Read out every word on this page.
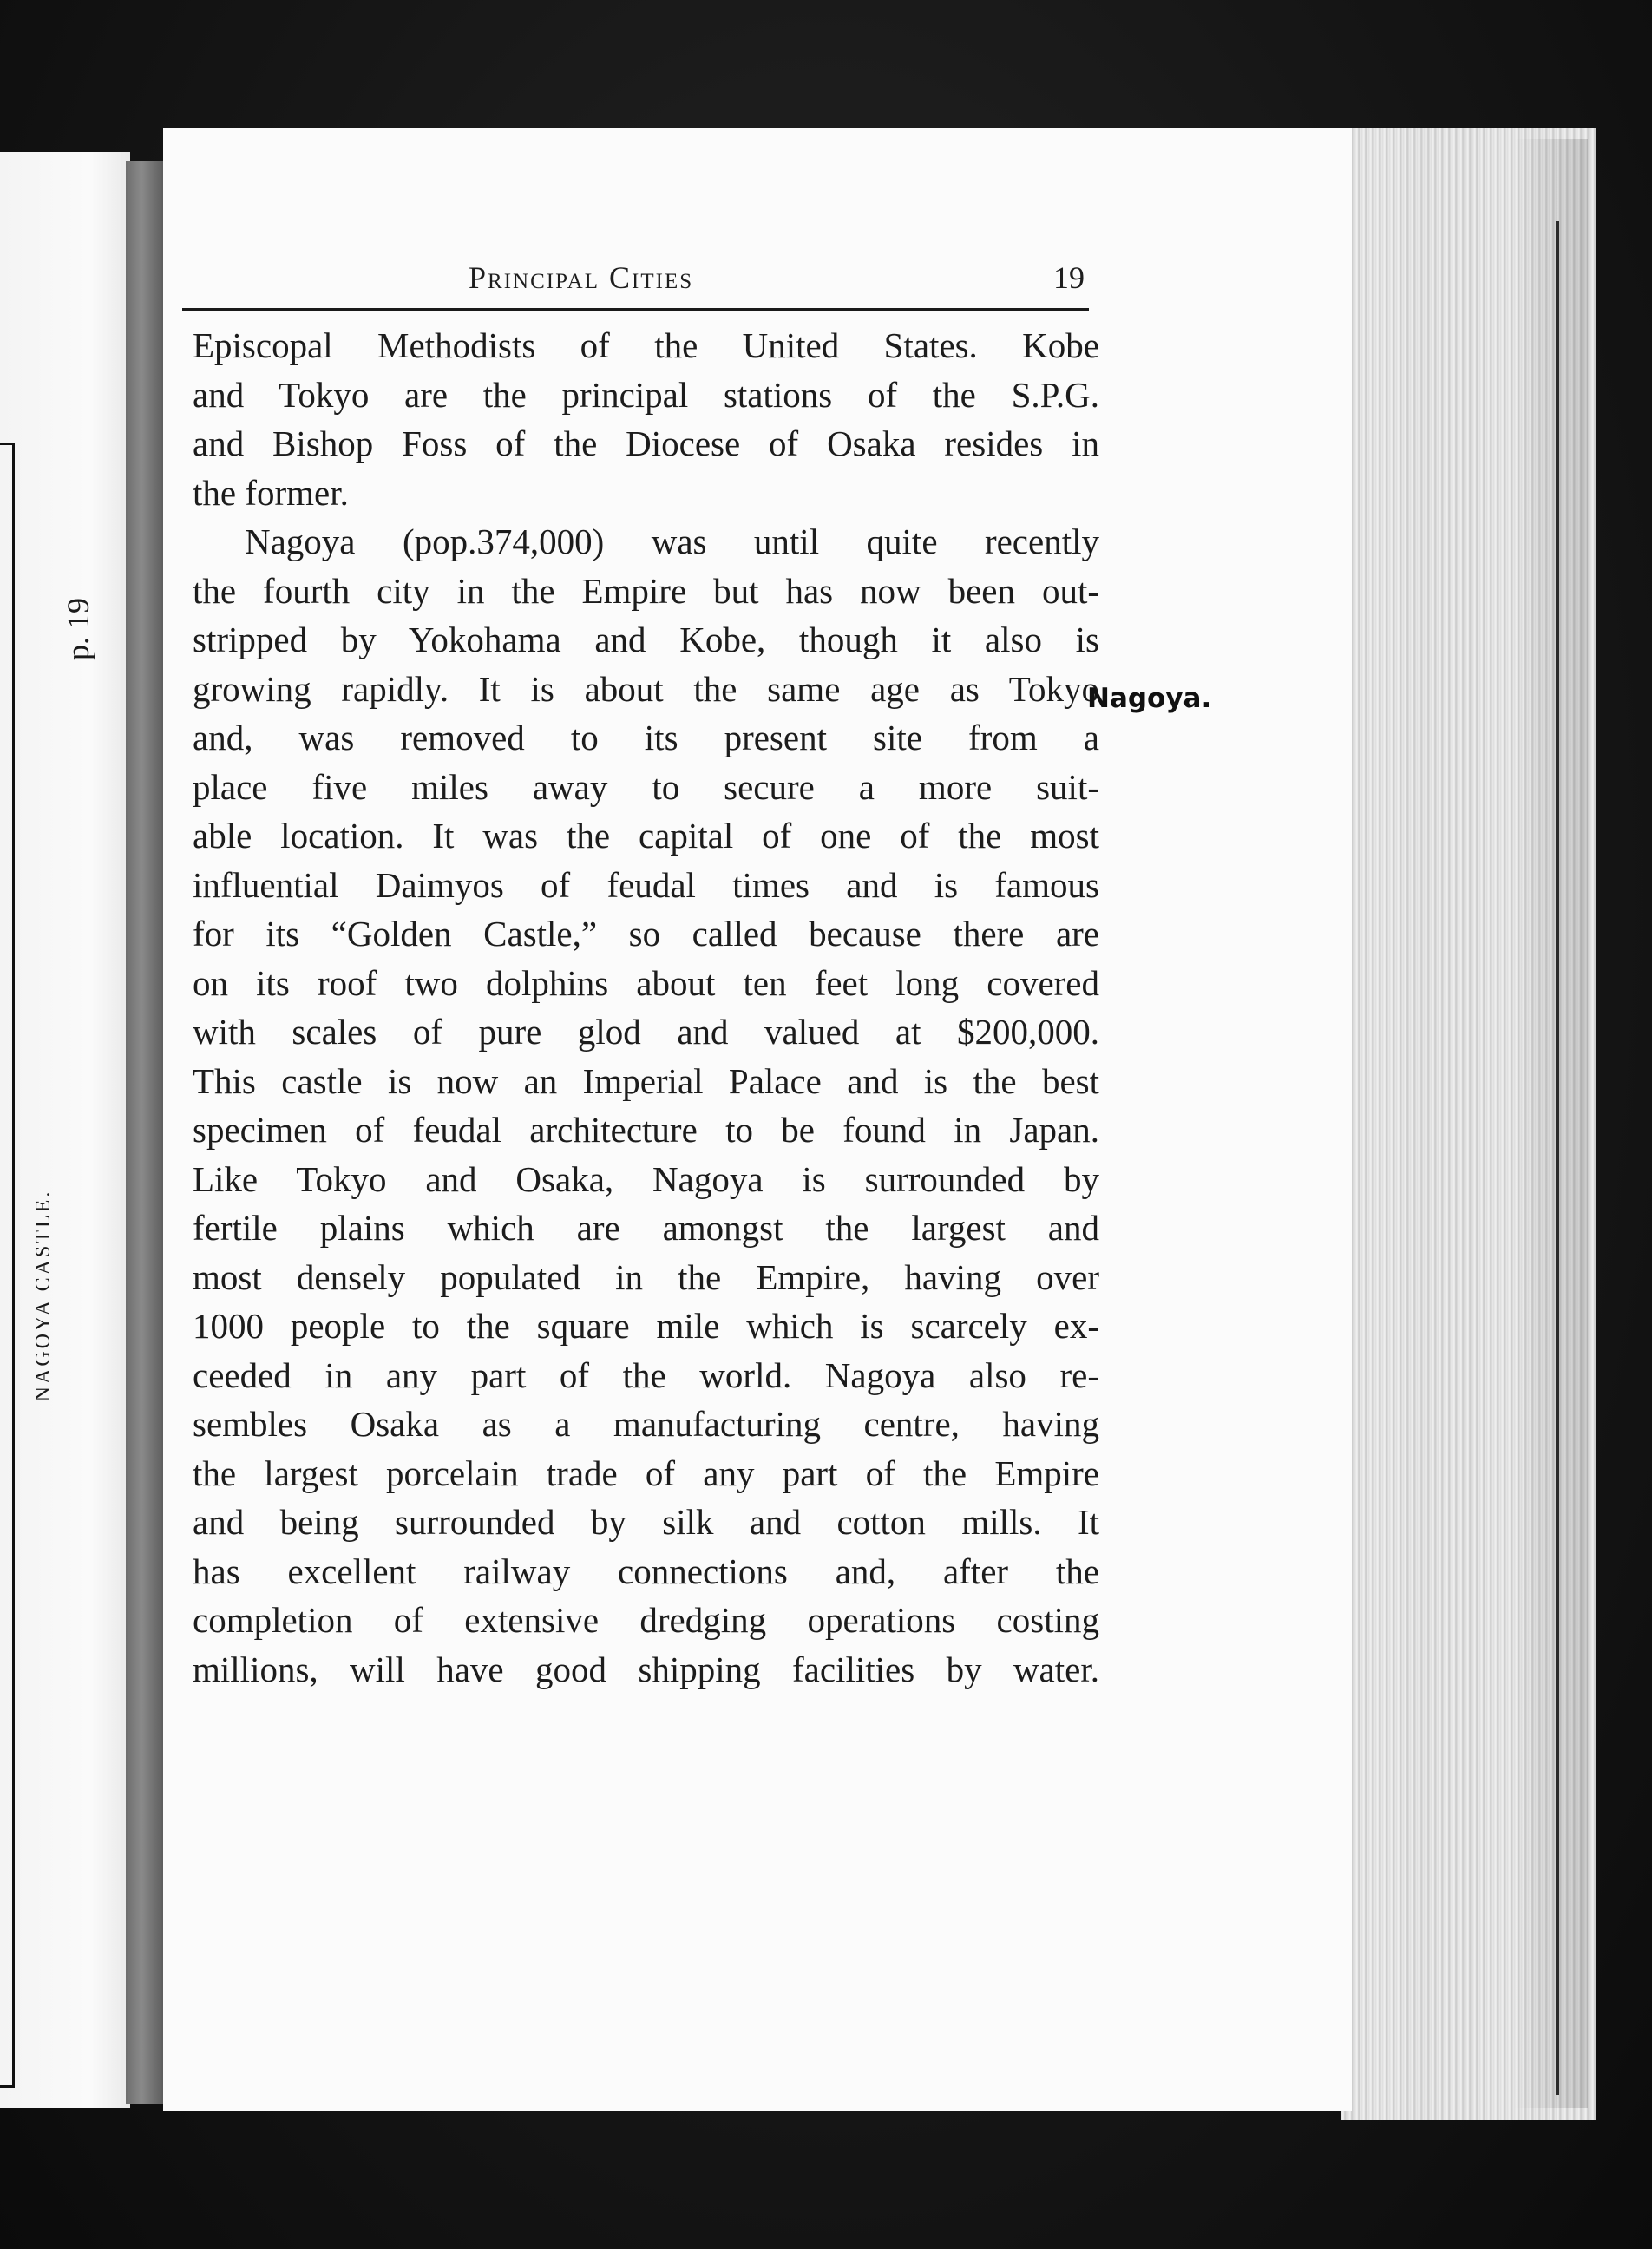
p. 19
NAGOYA CASTLE.
Principal Cities	19
Episcopal Methodists of the United States. Kobe
and Tokyo are the principal stations of the S.P.G.
and Bishop Foss of the Diocese of Osaka resides in
the former.
Nagoya (pop.374,000) was until quite recently
the fourth city in the Empire but has now been out-
stripped by Yokohama and Kobe, though it also is
growing rapidly. It is about the same age as Tokyo
and, was removed to its present site from a
place five miles away to secure a more suit-
able location. It was the capital of one of the most
influential Daimyos of feudal times and is famous
for its “Golden Castle,” so called because there are
on its roof two dolphins about ten feet long covered
with scales of pure glod and valued at $200,000.
This castle is now an Imperial Palace and is the best
specimen of feudal architecture to be found in Japan.
Like Tokyo and Osaka, Nagoya is surrounded by
fertile plains which are amongst the largest and
most densely populated in the Empire, having over
1000 people to the square mile which is scarcely ex-
ceeded in any part of the world. Nagoya also re-
sembles Osaka as a manufacturing centre, having
the largest porcelain trade of any part of the Empire
and being surrounded by silk and cotton mills. It
has excellent railway connections and, after the
completion of extensive dredging operations costing
millions, will have good shipping facilities by water.
Nagoya.
